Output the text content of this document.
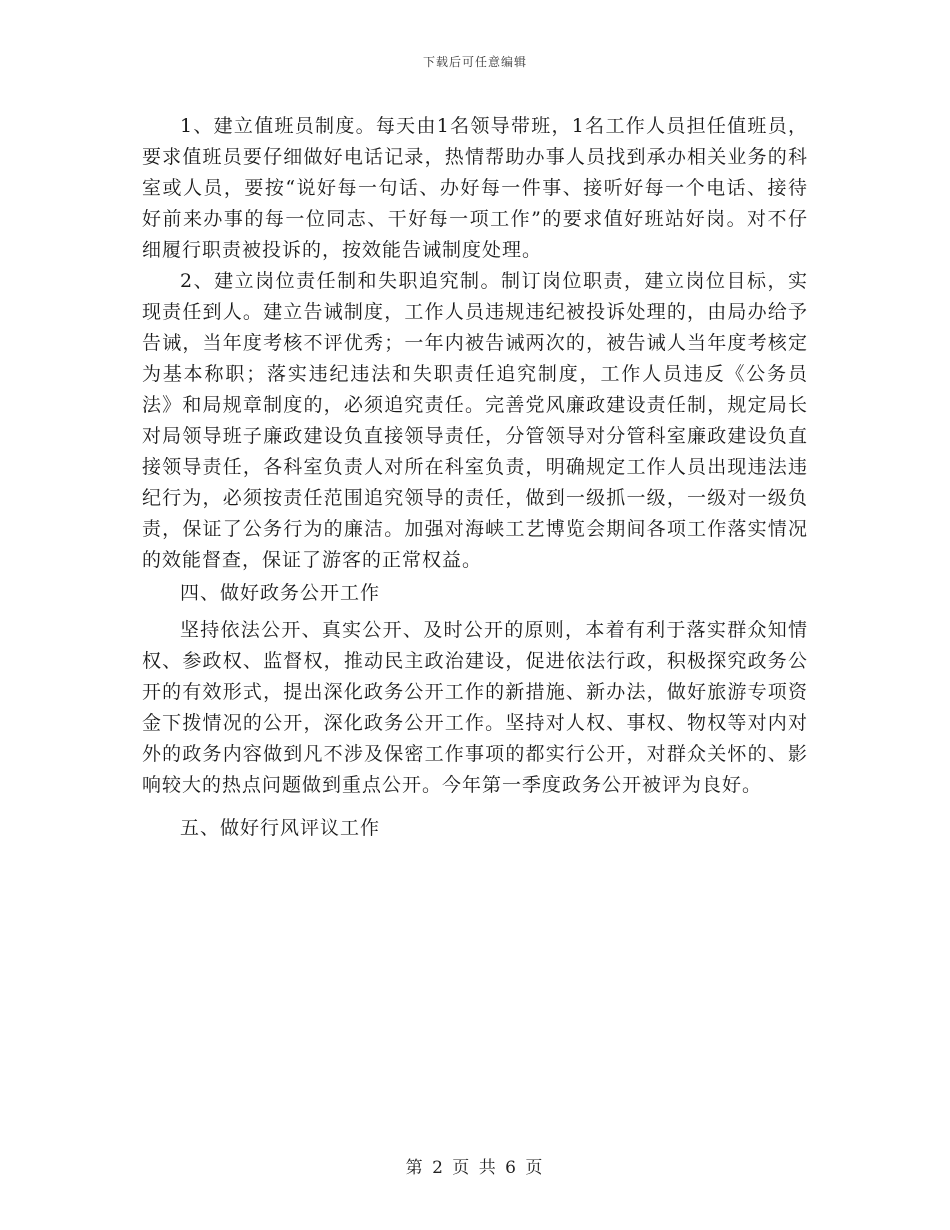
下载后可任意编辑

1、建立值班员制度。每天由1名领导带班，1名工作人员担任值班员，要求值班员要仔细做好电话记录，热情帮助办事人员找到承办相关业务的科室或人员，要按“说好每一句话、办好每一件事、接听好每一个电话、接待好前来办事的每一位同志、干好每一项工作”的要求值好班站好岗。对不仔细履行职责被投诉的，按效能告诫制度处理。

2、建立岗位责任制和失职追究制。制订岗位职责，建立岗位目标，实现责任到人。建立告诫制度，工作人员违规违纪被投诉处理的，由局办给予告诫，当年度考核不评优秀；一年内被告诫两次的，被告诫人当年度考核定为基本称职；落实违纪违法和失职责任追究制度，工作人员违反《公务员法》和局规章制度的，必须追究责任。完善党风廉政建设责任制，规定局长对局领导班子廉政建设负直接领导责任，分管领导对分管科室廉政建设负直接领导责任，各科室负责人对所在科室负责，明确规定工作人员出现违法违纪行为，必须按责任范围追究领导的责任，做到一级抓一级，一级对一级负责，保证了公务行为的廉洁。加强对海峡工艺博览会期间各项工作落实情况的效能督查，保证了游客的正常权益。

四、做好政务公开工作

坚持依法公开、真实公开、及时公开的原则，本着有利于落实群众知情权、参政权、监督权，推动民主政治建设，促进依法行政，积极探究政务公开的有效形式，提出深化政务公开工作的新措施、新办法，做好旅游专项资金下拨情况的公开，深化政务公开工作。坚持对人权、事权、物权等对内对外的政务内容做到凡不涉及保密工作事项的都实行公开，对群众关怀的、影响较大的热点问题做到重点公开。今年第一季度政务公开被评为良好。

五、做好行风评议工作

第 2 页 共 6 页
